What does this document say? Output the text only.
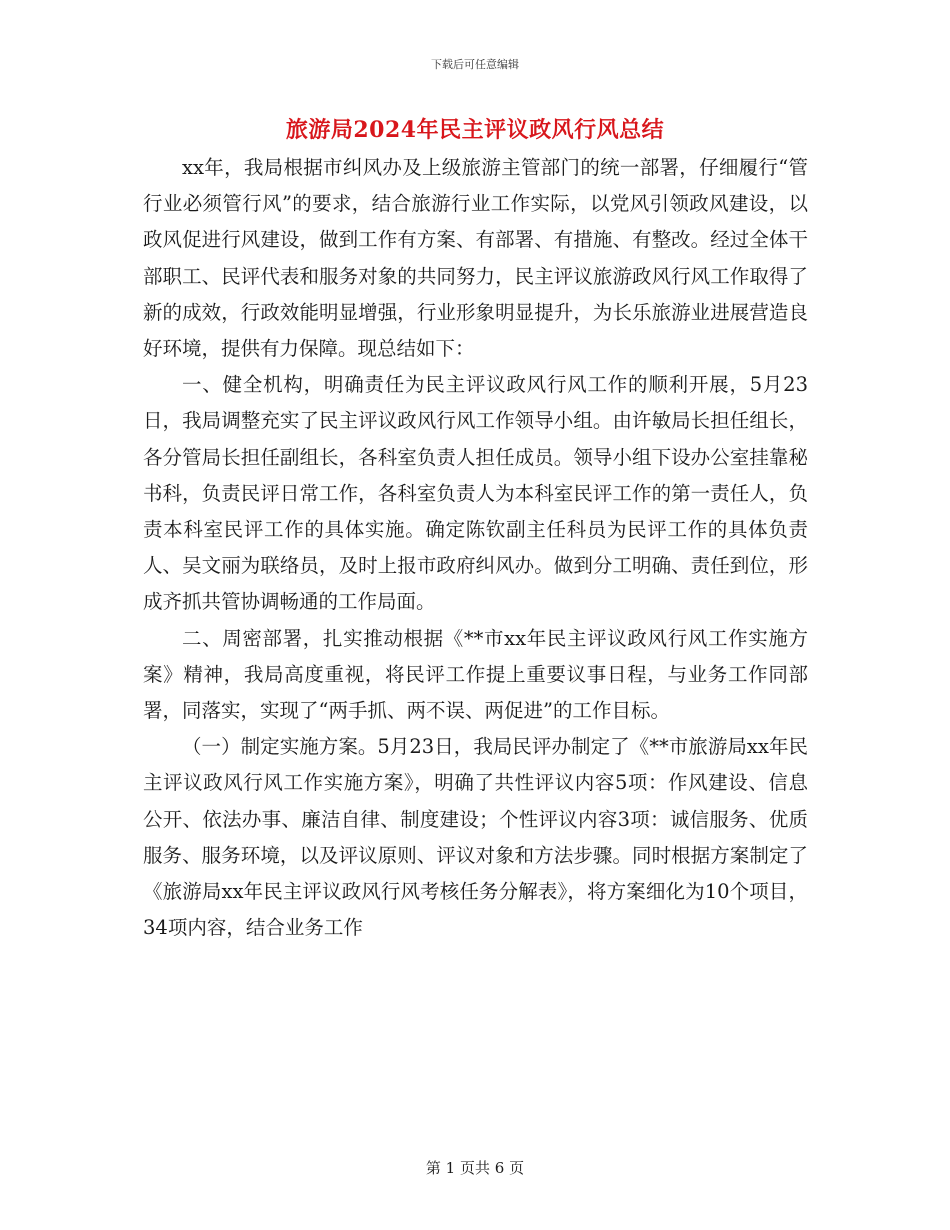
下载后可任意编辑
旅游局2024年民主评议政风行风总结

xx年，我局根据市纠风办及上级旅游主管部门的统一部署，仔细履行“管行业必须管行风”的要求，结合旅游行业工作实际，以党风引领政风建设，以政风促进行风建设，做到工作有方案、有部署、有措施、有整改。经过全体干部职工、民评代表和服务对象的共同努力，民主评议旅游政风行风工作取得了新的成效，行政效能明显增强，行业形象明显提升，为长乐旅游业进展营造良好环境，提供有力保障。现总结如下：

一、健全机构，明确责任为民主评议政风行风工作的顺利开展，5月23日，我局调整充实了民主评议政风行风工作领导小组。由许敏局长担任组长，各分管局长担任副组长，各科室负责人担任成员。领导小组下设办公室挂靠秘书科，负责民评日常工作，各科室负责人为本科室民评工作的第一责任人，负责本科室民评工作的具体实施。确定陈钦副主任科员为民评工作的具体负责人、吴文丽为联络员，及时上报市政府纠风办。做到分工明确、责任到位，形成齐抓共管协调畅通的工作局面。

二、周密部署，扎实推动根据《**市xx年民主评议政风行风工作实施方案》精神，我局高度重视，将民评工作提上重要议事日程，与业务工作同部署，同落实，实现了“两手抓、两不误、两促进”的工作目标。

（一）制定实施方案。5月23日，我局民评办制定了《**市旅游局xx年民主评议政风行风工作实施方案》，明确了共性评议内容5项：作风建设、信息公开、依法办事、廉洁自律、制度建设；个性评议内容3项：诚信服务、优质服务、服务环境，以及评议原则、评议对象和方法步骤。同时根据方案制定了《旅游局xx年民主评议政风行风考核任务分解表》，将方案细化为10个项目，34项内容，结合业务工作

第 1 页共 6 页
